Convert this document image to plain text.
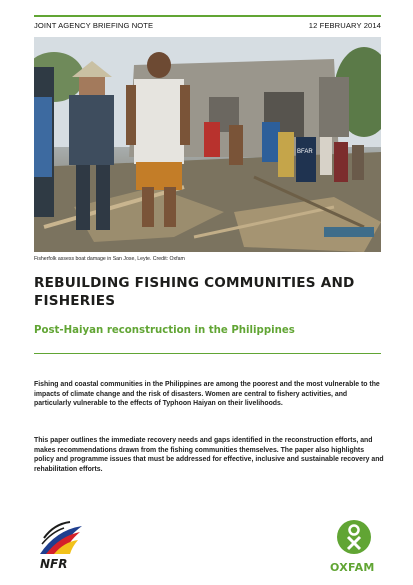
JOINT AGENCY BRIEFING NOTE	12 FEBRUARY 2014
BFAR
Fisherfolk assess boat damage in San Jose, Leyte. Credit: Oxfam
REBUILDING FISHING COMMUNITIES AND FISHERIES
Post-Haiyan reconstruction in the Philippines

Fishing and coastal communities in the Philippines are among the poorest and the most vulnerable to the impacts of climate change and the risk of disasters. Women are central to fishery activities, and particularly vulnerable to the effects of Typhoon Haiyan on their livelihoods.

This paper outlines the immediate recovery needs and gaps identified in the reconstruction efforts, and makes recommendations drawn from the fishing communities themselves. The paper also highlights policy and programme issues that must be addressed for effective, inclusive and sustainable recovery and rehabilitation efforts.

NFR	OXFAM
